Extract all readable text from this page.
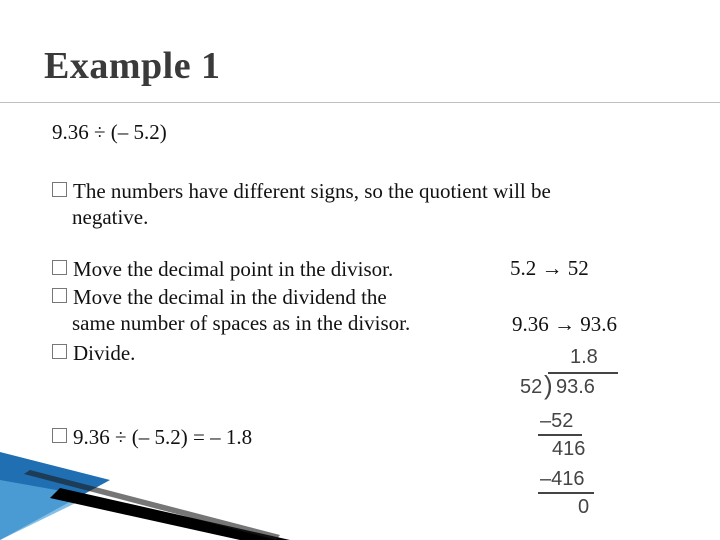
Example 1
9.36 ÷ (– 5.2)
The numbers have different signs, so the quotient will be
negative.
Move the decimal point in the divisor.
Move the decimal in the dividend the
same number of spaces as in the divisor.
Divide.
9.36 ÷ (– 5.2) = – 1.8
5.2 → 52
9.36 → 93.6
1.8
52 ) 93.6
–52
416
–416
0
